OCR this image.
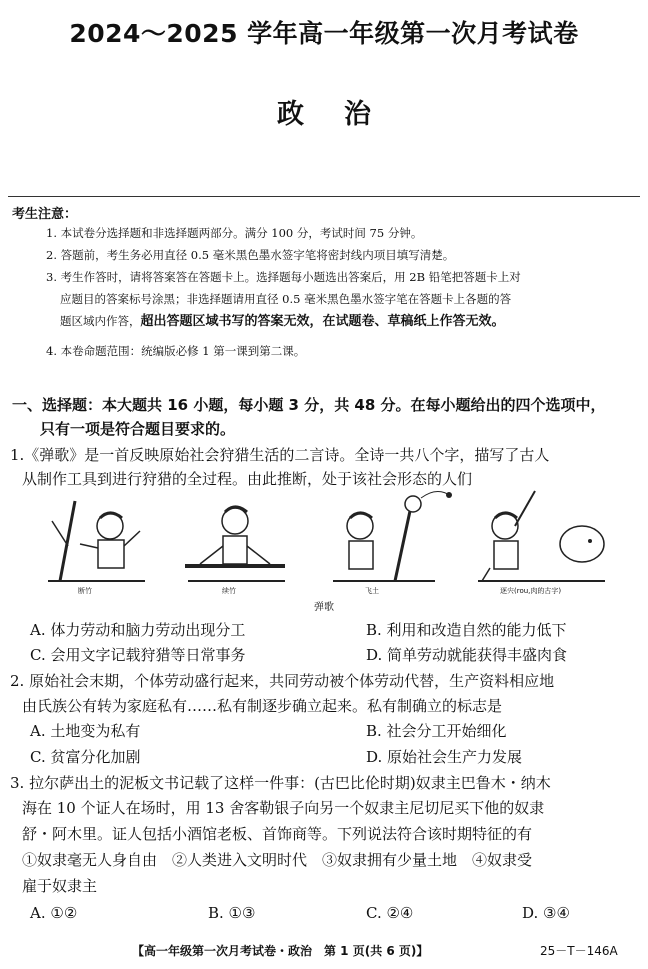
2024～2025 学年高一年级第一次月考试卷
政治
考生注意：
1. 本试卷分选择题和非选择题两部分。满分 100 分，考试时间 75 分钟。
2. 答题前，考生务必用直径 0.5 毫米黑色墨水签字笔将密封线内项目填写清楚。
3. 考生作答时，请将答案答在答题卡上。选择题每小题选出答案后，用 2B 铅笔把答题卡上对
应题目的答案标号涂黑；非选择题请用直径 0.5 毫米黑色墨水签字笔在答题卡上各题的答
题区域内作答，超出答题区域书写的答案无效，在试题卷、草稿纸上作答无效。
4. 本卷命题范围：统编版必修 1 第一课到第二课。
一、选择题：本大题共 16 小题，每小题 3 分，共 48 分。在每小题给出的四个选项中，
只有一项是符合题目要求的。
1.《弹歌》是一首反映原始社会狩猎生活的二言诗。全诗一共八个字，描写了古人
从制作工具到进行狩猎的全过程。由此推断，处于该社会形态的人们
断竹	续竹	飞土	逐宍(rou,肉的古字)
弹歌
A. 体力劳动和脑力劳动出现分工	B. 利用和改造自然的能力低下
C. 会用文字记载狩猎等日常事务	D. 简单劳动就能获得丰盛肉食
2. 原始社会末期，个体劳动盛行起来，共同劳动被个体劳动代替，生产资料相应地
由氏族公有转为家庭私有……私有制逐步确立起来。私有制确立的标志是
A. 土地变为私有	B. 社会分工开始细化
C. 贫富分化加剧	D. 原始社会生产力发展
3. 拉尔萨出土的泥板文书记载了这样一件事：(古巴比伦时期)奴隶主巴鲁木・纳木
海在 10 个证人在场时，用 13 舍客勒银子向另一个奴隶主尼切尼买下他的奴隶
舒・阿木里。证人包括小酒馆老板、首饰商等。下列说法符合该时期特征的有
①奴隶毫无人身自由　②人类进入文明时代　③奴隶拥有少量土地　④奴隶受
雇于奴隶主
A. ①②	B. ①③	C. ②④	D. ③④
【高一年级第一次月考试卷・政治　第 1 页(共 6 页)】	25－T－146A
